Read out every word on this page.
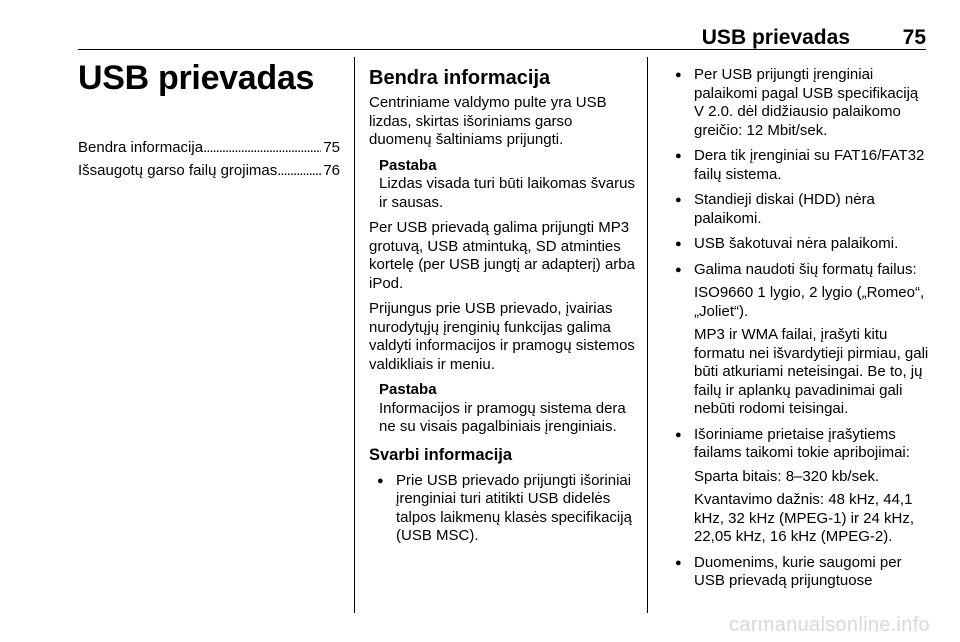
USB prievadas	75
USB prievadas
Bendra informacija . . .	75
Išsaugotų garso failų grojimas . . .	76
Bendra informacija

Centriniame valdymo pulte yra USB lizdas, skirtas išoriniams garso duomenų šaltiniams prijungti.

Pastaba
Lizdas visada turi būti laikomas švarus ir sausas.

Per USB prievadą galima prijungti MP3 grotuvą, USB atmintuką, SD atminties kortelę (per USB jungtį ar adapterį) arba iPod.

Prijungus prie USB prievado, įvairias nurodytųjų įrenginių funkcijas galima valdyti informacijos ir pramogų sistemos valdikliais ir meniu.

Pastaba
Informacijos ir pramogų sistema dera ne su visais pagalbiniais įrenginiais.
Svarbi informacija
● Prie USB prievado prijungti išoriniai įrenginiai turi atitikti USB didelės talpos laikmenų klasės specifikaciją (USB MSC).
● Per USB prijungti įrenginiai palaikomi pagal USB specifikaciją V 2.0. dėl didžiausio palaikomo greičio: 12 Mbit/sek.
● Dera tik įrenginiai su FAT16/FAT32 failų sistema.
● Standieji diskai (HDD) nėra palaikomi.
● USB šakotuvai nėra palaikomi.
● Galima naudoti šių formatų failus:
ISO9660 1 lygio, 2 lygio („Romeo“, „Joliet“).
MP3 ir WMA failai, įrašyti kitu formatu nei išvardytieji pirmiau, gali būti atkuriami neteisingai. Be to, jų failų ir aplankų pavadinimai gali nebūti rodomi teisingai.
● Išoriniame prietaise įrašytiems failams taikomi tokie apribojimai:
Sparta bitais: 8–320 kb/sek.
Kvantavimo dažnis: 48 kHz, 44,1 kHz, 32 kHz (MPEG-1) ir 24 kHz, 22,05 kHz, 16 kHz (MPEG-2).
● Duomenims, kurie saugomi per USB prievadą prijungtuose
carmanualsonline.info
